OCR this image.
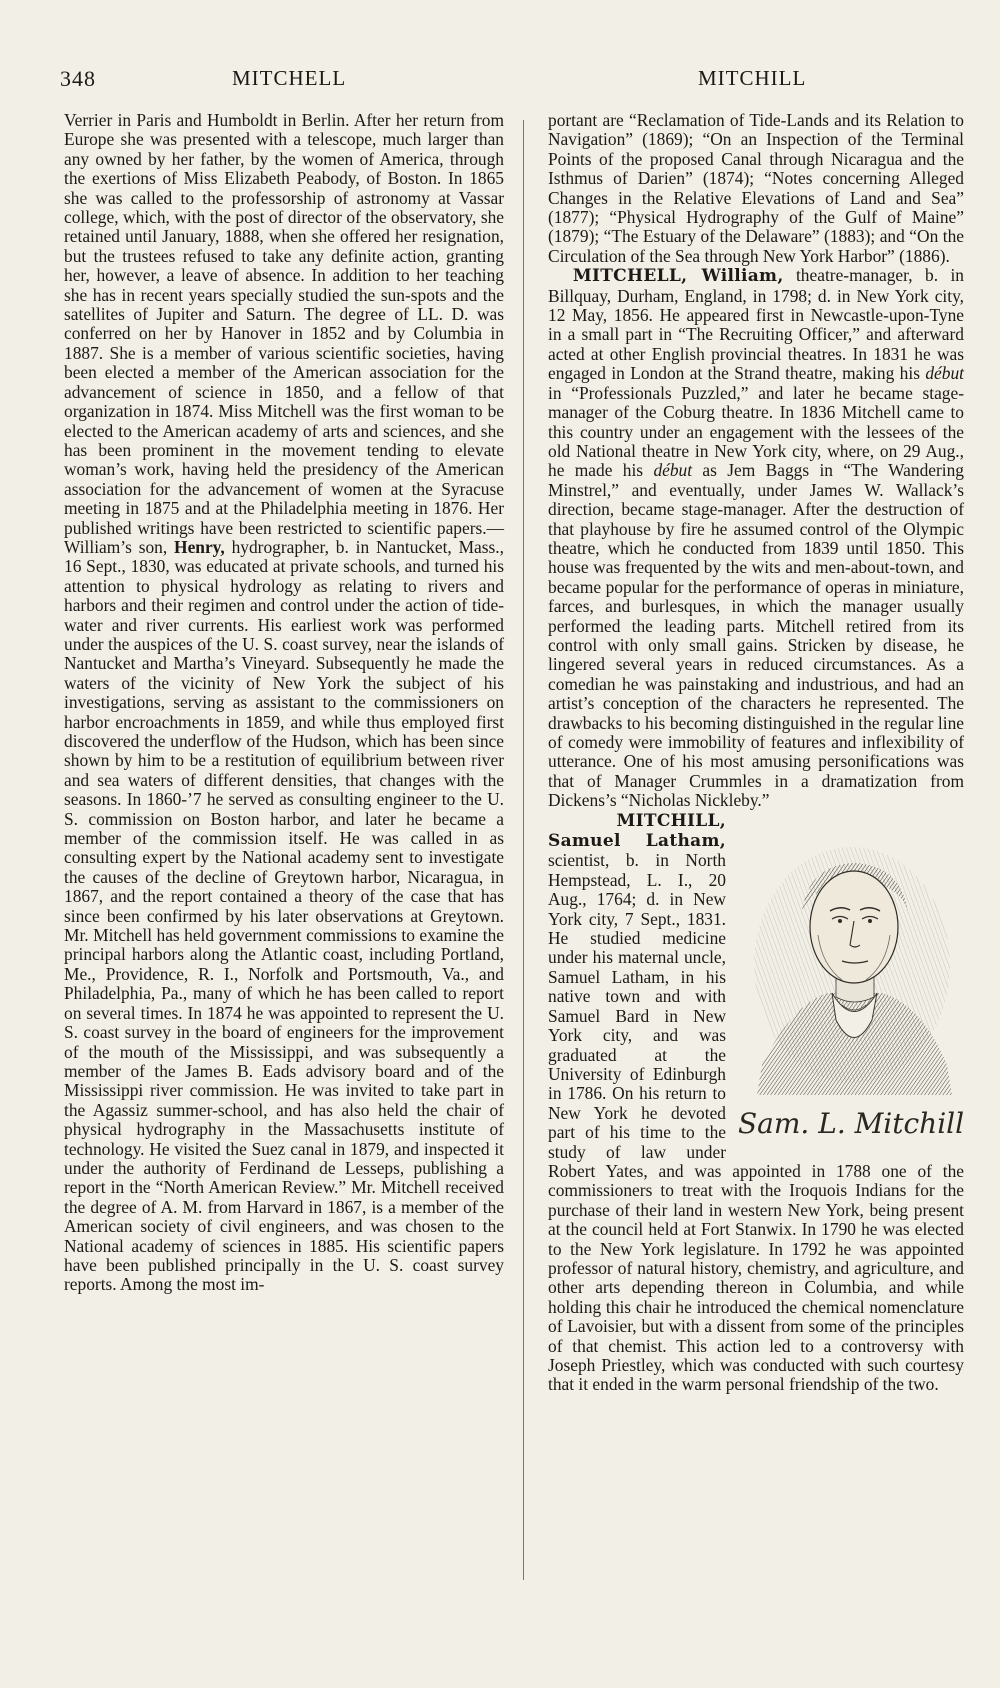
348	MITCHELL	MITCHILL

Verrier in Paris and Humboldt in Berlin. After her return from Europe she was presented with a telescope, much larger than any owned by her father, by the women of America, through the exertions of Miss Elizabeth Peabody, of Boston. In 1865 she was called to the professorship of astronomy at Vassar college, which, with the post of director of the observatory, she retained until January, 1888, when she offered her resignation, but the trustees refused to take any definite action, granting her, however, a leave of absence. In addition to her teaching she has in recent years specially studied the sun-spots and the satellites of Jupiter and Saturn. The degree of LL. D. was conferred on her by Hanover in 1852 and by Columbia in 1887. She is a member of various scientific societies, having been elected a member of the American association for the advancement of science in 1850, and a fellow of that organization in 1874. Miss Mitchell was the first woman to be elected to the American academy of arts and sciences, and she has been prominent in the movement tending to elevate woman’s work, having held the presidency of the American association for the advancement of women at the Syracuse meeting in 1875 and at the Philadelphia meeting in 1876. Her published writings have been restricted to scientific papers.—William’s son, Henry, hydrographer, b. in Nantucket, Mass., 16 Sept., 1830, was educated at private schools, and turned his attention to physical hydrology as relating to rivers and harbors and their regimen and control under the action of tide-water and river currents. His earliest work was performed under the auspices of the U. S. coast survey, near the islands of Nantucket and Martha’s Vineyard. Subsequently he made the waters of the vicinity of New York the subject of his investigations, serving as assistant to the commissioners on harbor encroachments in 1859, and while thus employed first discovered the underflow of the Hudson, which has been since shown by him to be a restitution of equilibrium between river and sea waters of different densities, that changes with the seasons. In 1860-’7 he served as consulting engineer to the U. S. commission on Boston harbor, and later he became a member of the commission itself. He was called in as consulting expert by the National academy sent to investigate the causes of the decline of Greytown harbor, Nicaragua, in 1867, and the report contained a theory of the case that has since been confirmed by his later observations at Greytown. Mr. Mitchell has held government commissions to examine the principal harbors along the Atlantic coast, including Portland, Me., Providence, R. I., Norfolk and Portsmouth, Va., and Philadelphia, Pa., many of which he has been called to report on several times. In 1874 he was appointed to represent the U. S. coast survey in the board of engineers for the improvement of the mouth of the Mississippi, and was subsequently a member of the James B. Eads advisory board and of the Mississippi river commission. He was invited to take part in the Agassiz summer-school, and has also held the chair of physical hydrography in the Massachusetts institute of technology. He visited the Suez canal in 1879, and inspected it under the authority of Ferdinand de Lesseps, publishing a report in the “North American Review.” Mr. Mitchell received the degree of A. M. from Harvard in 1867, is a member of the American society of civil engineers, and was chosen to the National academy of sciences in 1885. His scientific papers have been published principally in the U. S. coast survey reports. Among the most im-

portant are “Reclamation of Tide-Lands and its Relation to Navigation” (1869); “On an Inspection of the Terminal Points of the proposed Canal through Nicaragua and the Isthmus of Darien” (1874); “Notes concerning Alleged Changes in the Relative Elevations of Land and Sea” (1877); “Physical Hydrography of the Gulf of Maine” (1879); “The Estuary of the Delaware” (1883); and “On the Circulation of the Sea through New York Harbor” (1886).

MITCHELL, William, theatre-manager, b. in Billquay, Durham, England, in 1798; d. in New York city, 12 May, 1856. He appeared first in Newcastle-upon-Tyne in a small part in “The Recruiting Officer,” and afterward acted at other English provincial theatres. In 1831 he was engaged in London at the Strand theatre, making his début in “Professionals Puzzled,” and later he became stage-manager of the Coburg theatre. In 1836 Mitchell came to this country under an engagement with the lessees of the old National theatre in New York city, where, on 29 Aug., he made his début as Jem Baggs in “The Wandering Minstrel,” and eventually, under James W. Wallack’s direction, became stage-manager. After the destruction of that playhouse by fire he assumed control of the Olympic theatre, which he conducted from 1839 until 1850. This house was frequented by the wits and men-about-town, and became popular for the performance of operas in miniature, farces, and burlesques, in which the manager usually performed the leading parts. Mitchell retired from its control with only small gains. Stricken by disease, he lingered several years in reduced circumstances. As a comedian he was painstaking and industrious, and had an artist’s conception of the characters he represented. The drawbacks to his becoming distinguished in the regular line of comedy were immobility of features and inflexibility of utterance. One of his most amusing personifications was that of Manager Crummles in a dramatization from Dickens’s “Nicholas Nickleby.”

Sam. L. Mitchill
MITCHILL, Samuel Latham, scientist, b. in North Hempstead, L. I., 20 Aug., 1764; d. in New York city, 7 Sept., 1831. He studied medicine under his maternal uncle, Samuel Latham, in his native town and with Samuel Bard in New York city, and was graduated at the University of Edinburgh in 1786. On his return to New York he devoted part of his time to the study of law under Robert Yates, and was appointed in 1788 one of the commissioners to treat with the Iroquois Indians for the purchase of their land in western New York, being present at the council held at Fort Stanwix. In 1790 he was elected to the New York legislature. In 1792 he was appointed professor of natural history, chemistry, and agriculture, and other arts depending thereon in Columbia, and while holding this chair he introduced the chemical nomenclature of Lavoisier, but with a dissent from some of the principles of that chemist. This action led to a controversy with Joseph Priestley, which was conducted with such courtesy that it ended in the warm personal friendship of the two.
